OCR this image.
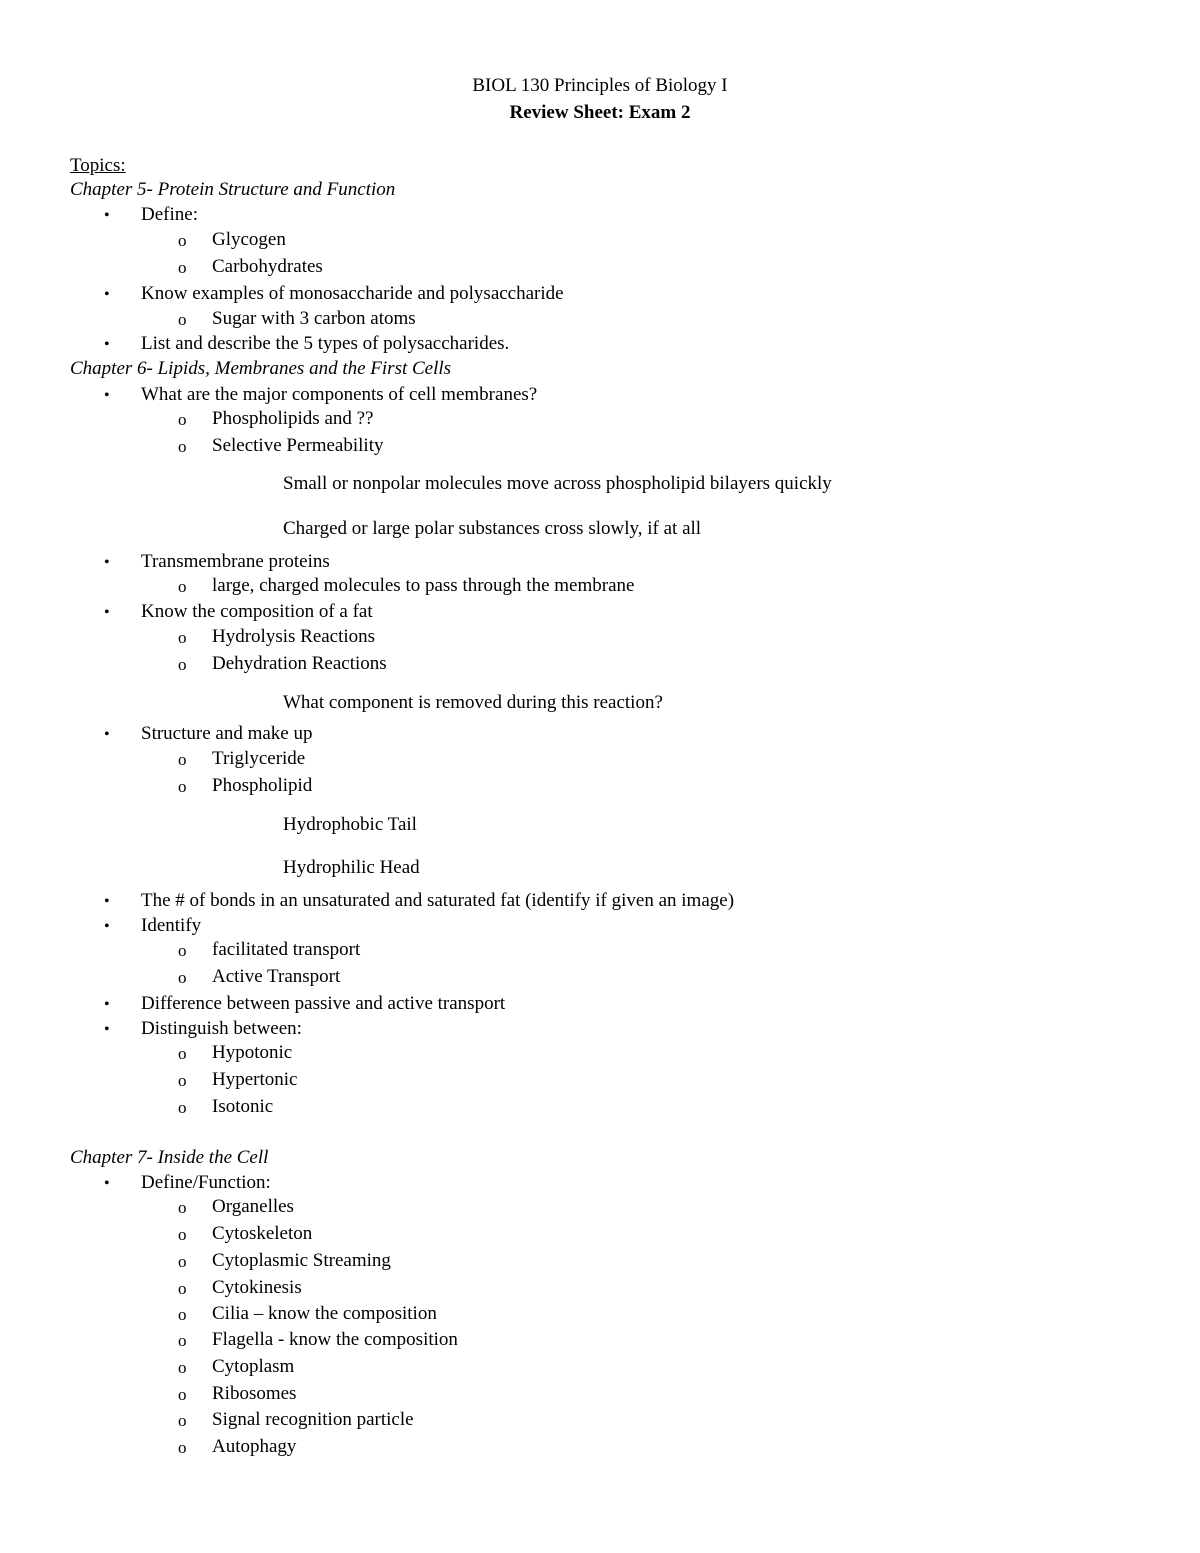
BIOL 130 Principles of Biology I
Review Sheet: Exam 2
Topics:
Chapter 5- Protein Structure and Function
• Define:
o Glycogen
o Carbohydrates
• Know examples of monosaccharide and polysaccharide
o Sugar with 3 carbon atoms
• List and describe the 5 types of polysaccharides.
Chapter 6- Lipids, Membranes and the First Cells
• What are the major components of cell membranes?
o Phospholipids and ??
o Selective Permeability
Small or nonpolar molecules move across phospholipid bilayers quickly
Charged or large polar substances cross slowly, if at all
• Transmembrane proteins
o large, charged molecules to pass through the membrane
• Know the composition of a fat
o Hydrolysis Reactions
o Dehydration Reactions
What component is removed during this reaction?
• Structure and make up
o Triglyceride
o Phospholipid
Hydrophobic Tail
Hydrophilic Head
• The # of bonds in an unsaturated and saturated fat (identify if given an image)
• Identify
o facilitated transport
o Active Transport
• Difference between passive and active transport
• Distinguish between:
o Hypotonic
o Hypertonic
o Isotonic
Chapter 7- Inside the Cell
• Define/Function:
o Organelles
o Cytoskeleton
o Cytoplasmic Streaming
o Cytokinesis
o Cilia – know the composition
o Flagella - know the composition
o Cytoplasm
o Ribosomes
o Signal recognition particle
o Autophagy
